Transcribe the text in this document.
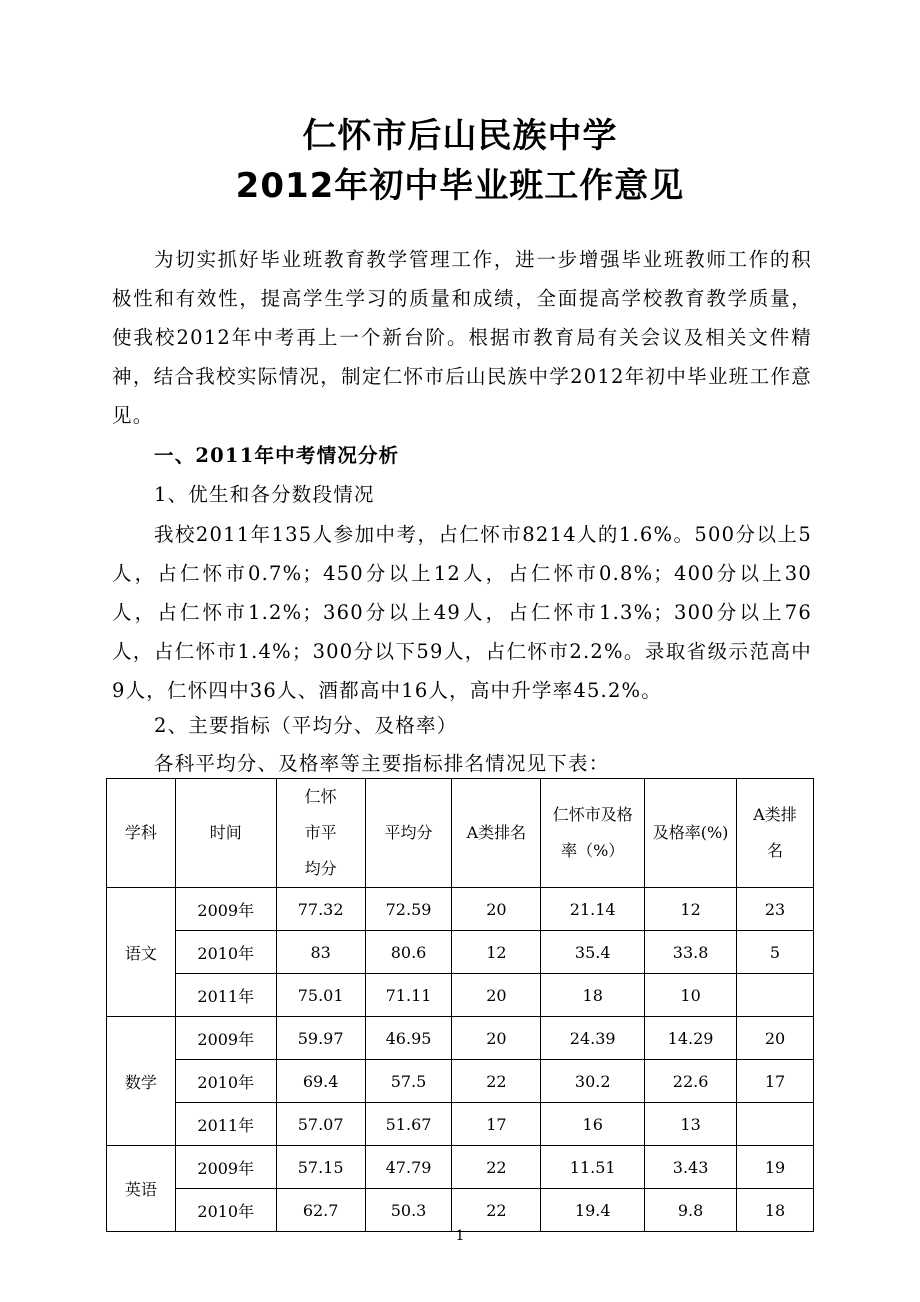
仁怀市后山民族中学
2012年初中毕业班工作意见
为切实抓好毕业班教育教学管理工作，进一步增强毕业班教师工作的积极性和有效性，提高学生学习的质量和成绩，全面提高学校教育教学质量，使我校2012年中考再上一个新台阶。根据市教育局有关会议及相关文件精神，结合我校实际情况，制定仁怀市后山民族中学2012年初中毕业班工作意见。
一、2011年中考情况分析
1、优生和各分数段情况
我校2011年135人参加中考，占仁怀市8214人的1.6%。500分以上5人，占仁怀市0.7%；450分以上12人，占仁怀市0.8%；400分以上30人，占仁怀市1.2%；360分以上49人，占仁怀市1.3%；300分以上76人，占仁怀市1.4%；300分以下59人，占仁怀市2.2%。录取省级示范高中9人，仁怀四中36人、酒都高中16人，高中升学率45.2%。
2、主要指标（平均分、及格率）
各科平均分、及格率等主要指标排名情况见下表：
学科	时间	仁怀市平均分	平均分	A类排名	仁怀市及格率（%）	及格率(%)	A类排名
语文	2009年	77.32	72.59	20	21.14	12	23
	2010年	83	80.6	12	35.4	33.8	5
	2011年	75.01	71.11	20	18	10	
数学	2009年	59.97	46.95	20	24.39	14.29	20
	2010年	69.4	57.5	22	30.2	22.6	17
	2011年	57.07	51.67	17	16	13	
英语	2009年	57.15	47.79	22	11.51	3.43	19
	2010年	62.7	50.3	22	19.4	9.8	18
1
